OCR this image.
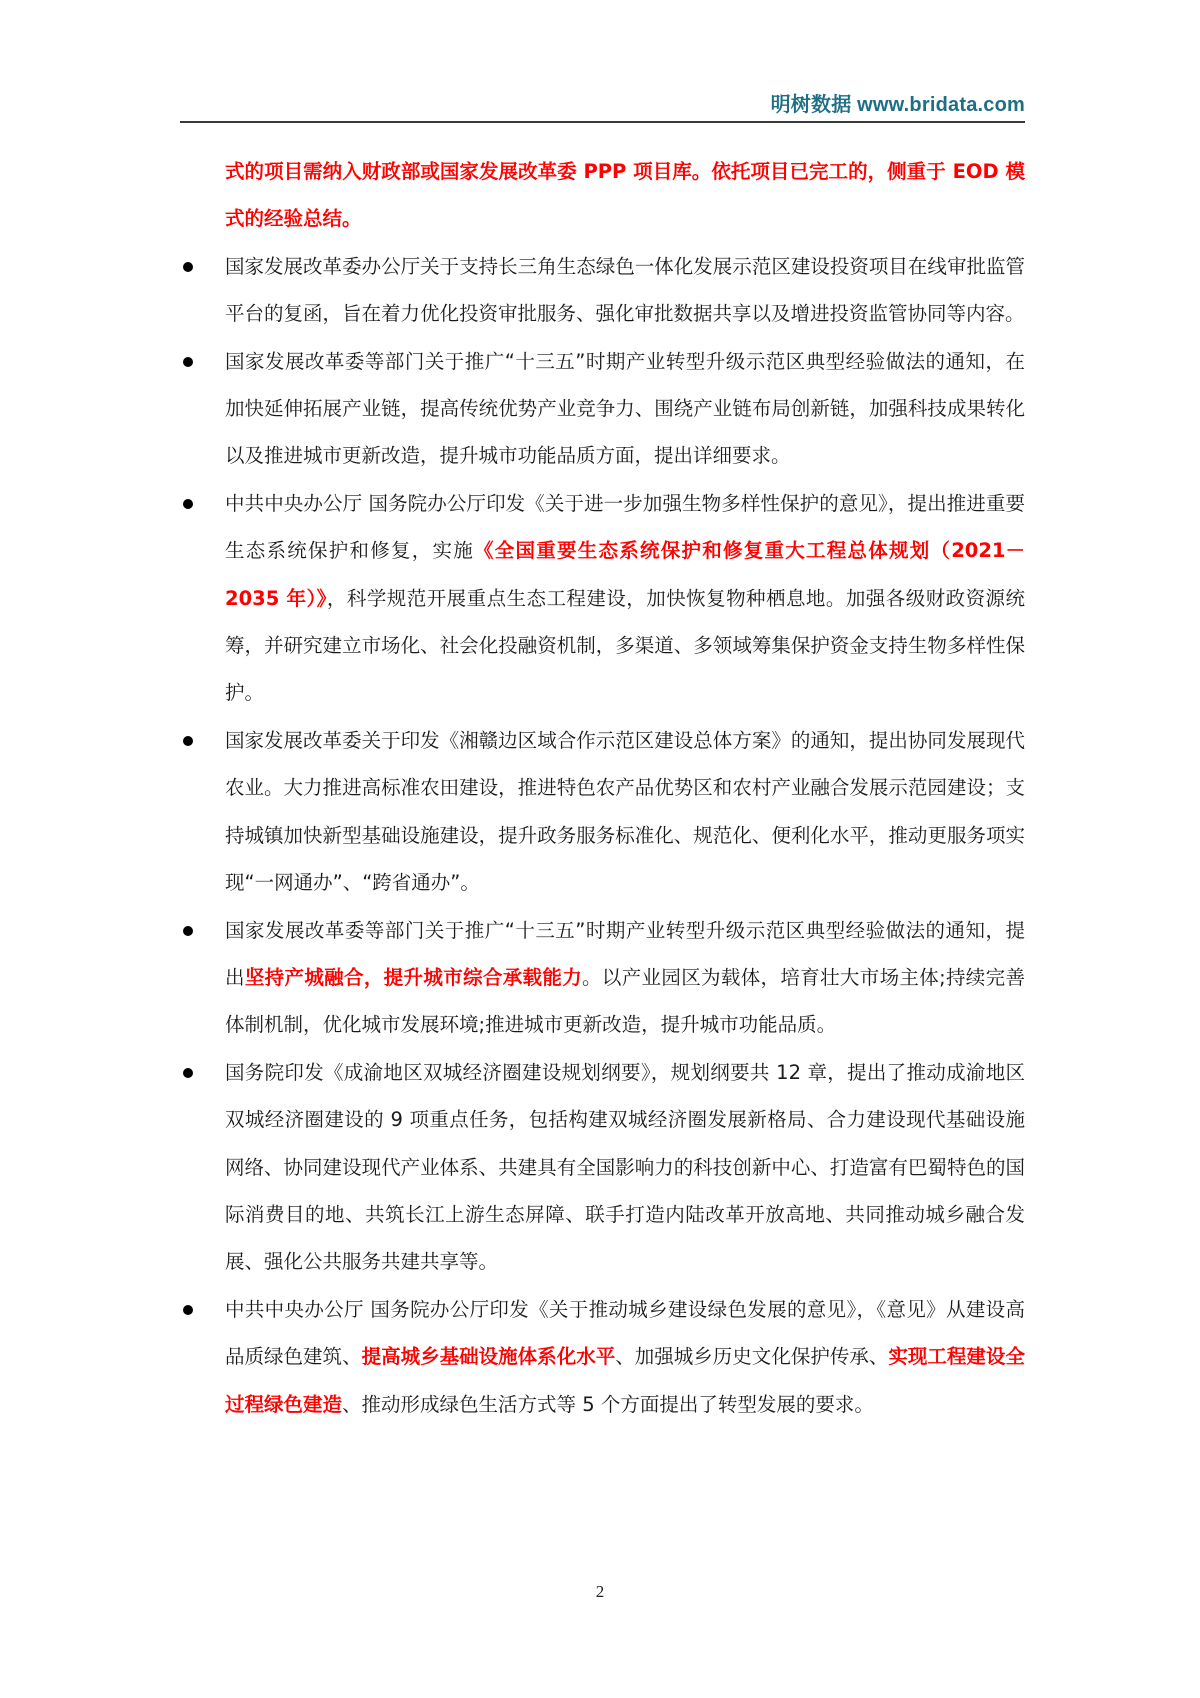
明树数据 www.bridata.com

式的项目需纳入财政部或国家发展改革委 PPP 项目库。依托项目已完工的，侧重于 EOD 模式的经验总结。

国家发展改革委办公厅关于支持长三角生态绿色一体化发展示范区建设投资项目在线审批监管平台的复函，旨在着力优化投资审批服务、强化审批数据共享以及增进投资监管协同等内容。

国家发展改革委等部门关于推广“十三五”时期产业转型升级示范区典型经验做法的通知，在加快延伸拓展产业链，提高传统优势产业竞争力、围绕产业链布局创新链，加强科技成果转化以及推进城市更新改造，提升城市功能品质方面，提出详细要求。

中共中央办公厅 国务院办公厅印发《关于进一步加强生物多样性保护的意见》，提出推进重要生态系统保护和修复，实施《全国重要生态系统保护和修复重大工程总体规划（2021－2035 年）》，科学规范开展重点生态工程建设，加快恢复物种栖息地。加强各级财政资源统筹，并研究建立市场化、社会化投融资机制，多渠道、多领域筹集保护资金支持生物多样性保护。

国家发展改革委关于印发《湘赣边区域合作示范区建设总体方案》的通知，提出协同发展现代农业。大力推进高标准农田建设，推进特色农产品优势区和农村产业融合发展示范园建设；支持城镇加快新型基础设施建设，提升政务服务标准化、规范化、便利化水平，推动更服务项实现“一网通办”、“跨省通办”。

国家发展改革委等部门关于推广“十三五”时期产业转型升级示范区典型经验做法的通知，提出坚持产城融合，提升城市综合承载能力。以产业园区为载体，培育壮大市场主体;持续完善体制机制，优化城市发展环境;推进城市更新改造，提升城市功能品质。

国务院印发《成渝地区双城经济圈建设规划纲要》，规划纲要共 12 章，提出了推动成渝地区双城经济圈建设的 9 项重点任务，包括构建双城经济圈发展新格局、合力建设现代基础设施网络、协同建设现代产业体系、共建具有全国影响力的科技创新中心、打造富有巴蜀特色的国际消费目的地、共筑长江上游生态屏障、联手打造内陆改革开放高地、共同推动城乡融合发展、强化公共服务共建共享等。

中共中央办公厅 国务院办公厅印发《关于推动城乡建设绿色发展的意见》，《意见》从建设高品质绿色建筑、提高城乡基础设施体系化水平、加强城乡历史文化保护传承、实现工程建设全过程绿色建造、推动形成绿色生活方式等 5 个方面提出了转型发展的要求。

2
